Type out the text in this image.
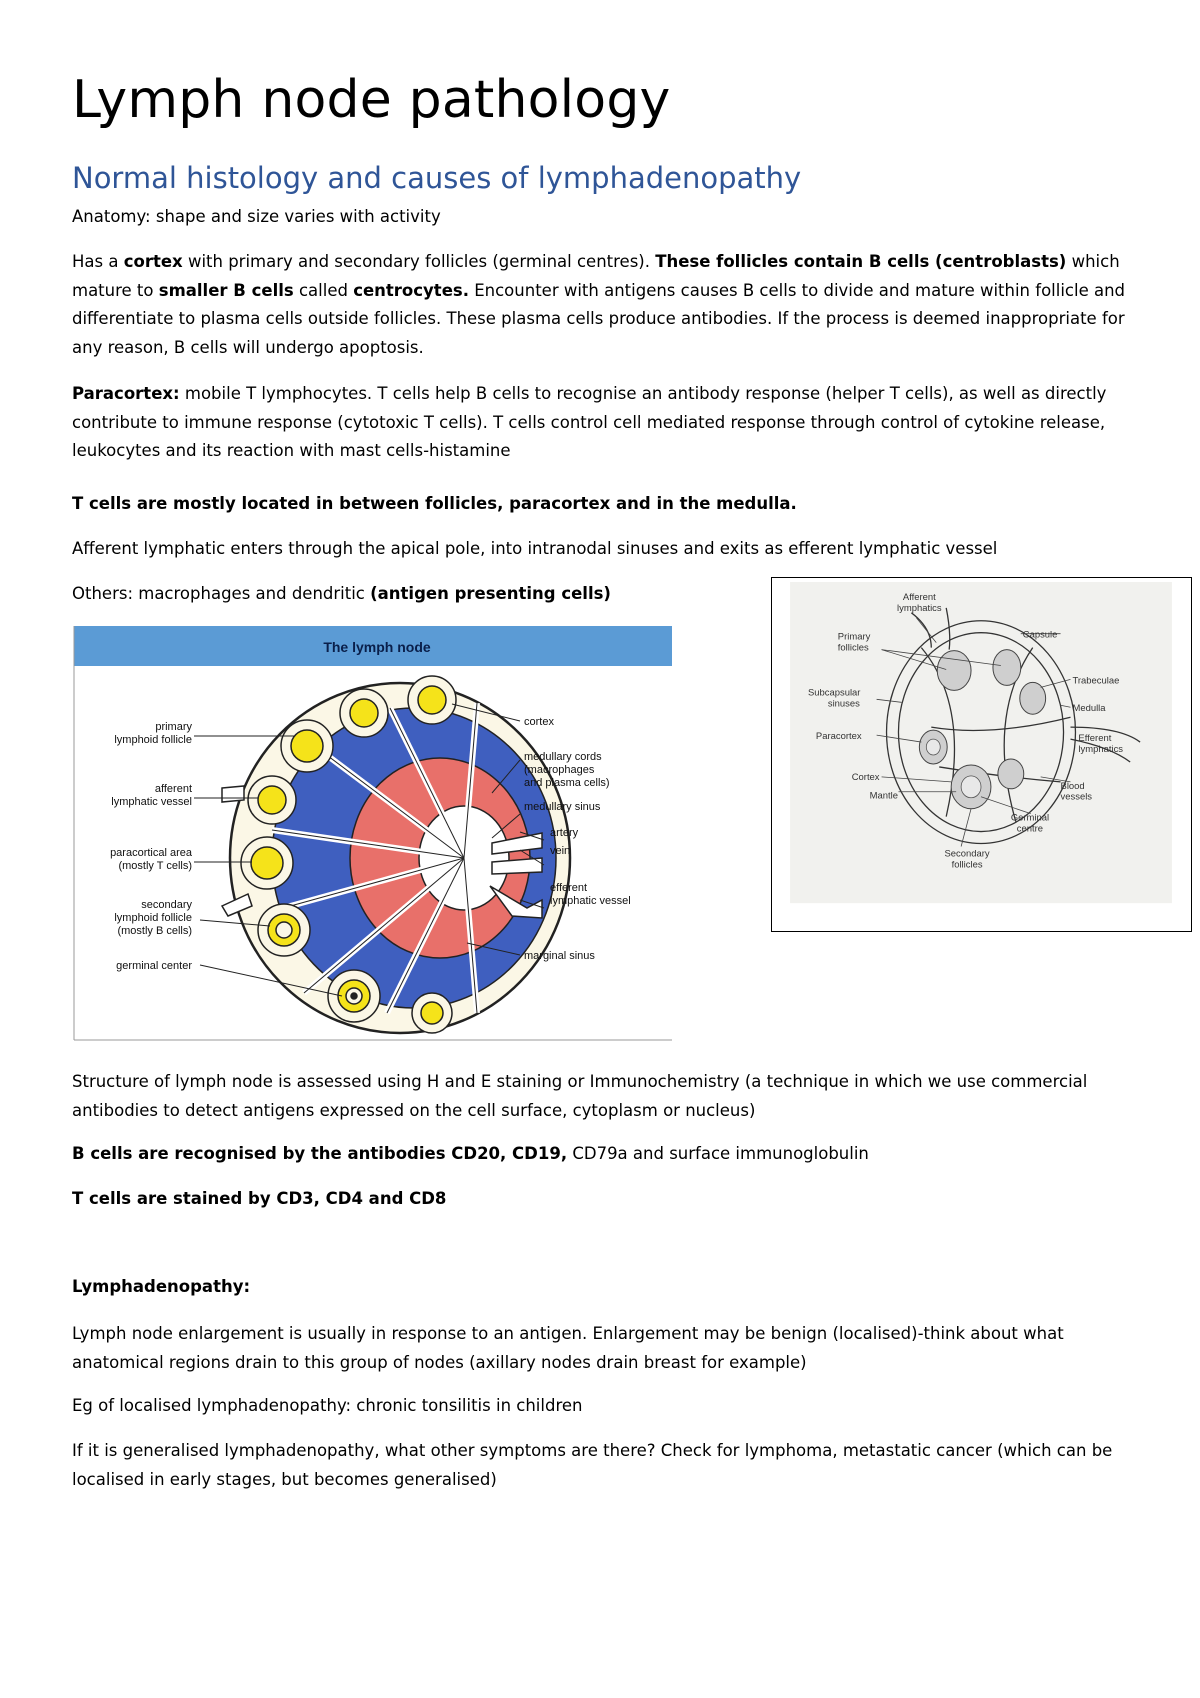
Lymph node pathology
Normal histology and causes of lymphadenopathy

Anatomy: shape and size varies with activity

Has a cortex with primary and secondary follicles (germinal centres). These follicles contain B cells (centroblasts) which mature to smaller B cells called centrocytes. Encounter with antigens causes B cells to divide and mature within follicle and differentiate to plasma cells outside follicles. These plasma cells produce antibodies. If the process is deemed inappropriate for any reason, B cells will undergo apoptosis.

Paracortex: mobile T lymphocytes. T cells help B cells to recognise an antibody response (helper T cells), as well as directly contribute to immune response (cytotoxic T cells). T cells control cell mediated response through control of cytokine release, leukocytes and its reaction with mast cells-histamine

T cells are mostly located in between follicles, paracortex and in the medulla.

Afferent lymphatic enters through the apical pole, into intranodal sinuses and exits as efferent lymphatic vessel

Others: macrophages and dendritic (antigen presenting cells)

The lymph node
primary
lymphoid follicle
afferent
lymphatic vessel
paracortical area
(mostly T cells)
secondary
lymphoid follicle
(mostly B cells)
germinal center
cortex
medullary cords
(macrophages
and plasma cells)
medullary sinus
artery
vein
efferent
lymphatic vessel
marginal sinus
Afferent
lymphatics
Capsule
Primary
follicles
Trabeculae
Subcapsular
sinuses	Medulla
Paracortex	Efferent
lymphatics
Cortex
Mantle
Blood
vessels
Germinal
centre
Secondary
follicles

Structure of lymph node is assessed using H and E staining or Immunochemistry (a technique in which we use commercial antibodies to detect antigens expressed on the cell surface, cytoplasm or nucleus)

B cells are recognised by the antibodies CD20, CD19, CD79a and surface immunoglobulin

T cells are stained by CD3, CD4 and CD8

Lymphadenopathy:

Lymph node enlargement is usually in response to an antigen. Enlargement may be benign (localised)-think about what anatomical regions drain to this group of nodes (axillary nodes drain breast for example)

Eg of localised lymphadenopathy: chronic tonsilitis in children

If it is generalised lymphadenopathy, what other symptoms are there? Check for lymphoma, metastatic cancer (which can be localised in early stages, but becomes generalised)
